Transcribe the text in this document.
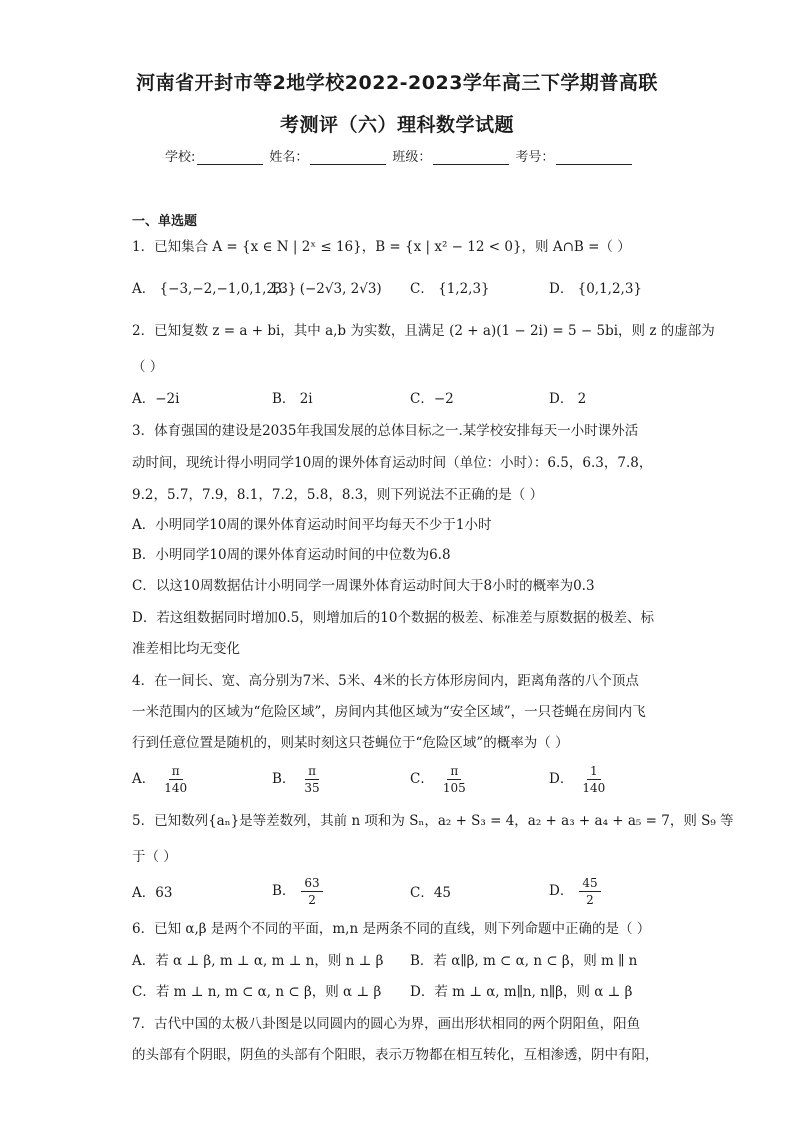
河南省开封市等2地学校2022-2023学年高三下学期普高联
考测评（六）理科数学试题
学校:	姓名：	班级：	考号：
一、单选题
1．已知集合 A = {x ∈ N | 2ˣ ≤ 16}，B = {x | x² − 12 < 0}，则 A∩B =（ ）
A． {−3,−2,−1,0,1,2,3}
B． (−2√3, 2√3) C． {1,2,3}	D． {0,1,2,3}
2．已知复数 z = a + bi，其中 a,b 为实数，且满足 (2 + a)(1 − 2i) = 5 − 5bi，则 z 的虚部为
（ ）
A．−2i	B． 2i	C．−2	D． 2
3．体育强国的建设是2035年我国发展的总体目标之一.某学校安排每天一小时课外活
动时间，现统计得小明同学10周的课外体育运动时间（单位：小时）：6.5，6.3，7.8，
9.2，5.7，7.9，8.1，7.2，5.8，8.3，则下列说法不正确的是（ ）
A．小明同学10周的课外体育运动时间平均每天不少于1小时
B．小明同学10周的课外体育运动时间的中位数为6.8
C．以这10周数据估计小明同学一周课外体育运动时间大于8小时的概率为0.3
D．若这组数据同时增加0.5，则增加后的10个数据的极差、标准差与原数据的极差、标
准差相比均无变化
4．在一间长、宽、高分别为7米、5米、4米的长方体形房间内，距离角落的八个顶点
一米范围内的区域为“危险区域”，房间内其他区域为“安全区域”，一只苍蝇在房间内飞
行到任意位置是随机的，则某时刻这只苍蝇位于“危险区域”的概率为（ ）
A． $\frac{\pi}{140}$	B． $\frac{\pi}{35}$	C． $\frac{\pi}{105}$	D． $\frac{1}{140}$
5．已知数列{aₙ}是等差数列，其前 n 项和为 Sₙ，a₂ + S₃ = 4，a₂ + a₃ + a₄ + a₅ = 7，则 S₉ 等
于（ ）
A．63	B． $\frac{63}{2}$	C．45	D． $\frac{45}{2}$
6．已知 α,β 是两个不同的平面，m,n 是两条不同的直线，则下列命题中正确的是（ ）
A．若 α ⊥ β, m ⊥ α, m ⊥ n，则 n ⊥ β B．若 α∥β, m ⊂ α, n ⊂ β，则 m ∥ n
C．若 m ⊥ n, m ⊂ α, n ⊂ β，则 α ⊥ β D．若 m ⊥ α, m∥n, n∥β，则 α ⊥ β
7．古代中国的太极八卦图是以同圆内的圆心为界，画出形状相同的两个阴阳鱼，阳鱼
的头部有个阴眼，阴鱼的头部有个阳眼，表示万物都在相互转化，互相渗透，阴中有阳，
